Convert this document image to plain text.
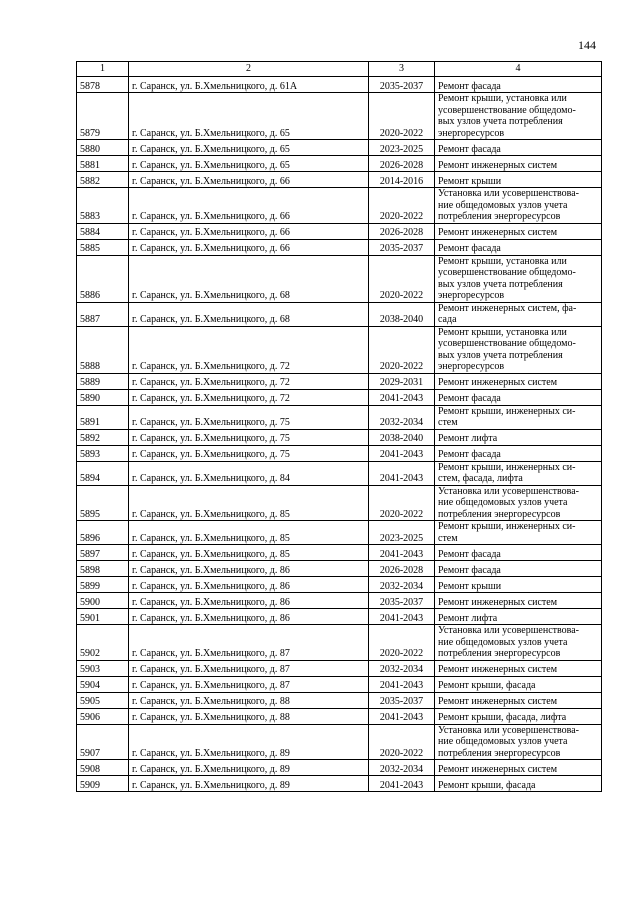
144
1	2	3	4
5878	г. Саранск, ул. Б.Хмельницкого, д. 61А	2035-2037	Ремонт фасада

5879	г. Саранск, ул. Б.Хмельницкого, д. 65	2020-2022	Ремонт крыши, установка или
усовершенствование общедомо-
вых узлов учета потребления
энергоресурсов

5880	г. Саранск, ул. Б.Хмельницкого, д. 65	2023-2025	Ремонт фасада

5881	г. Саранск, ул. Б.Хмельницкого, д. 65	2026-2028	Ремонт инженерных систем

5882	г. Саранск, ул. Б.Хмельницкого, д. 66	2014-2016	Ремонт крыши

5883	г. Саранск, ул. Б.Хмельницкого, д. 66	2020-2022	Установка или усовершенствова-
ние общедомовых узлов учета
потребления энергоресурсов

5884	г. Саранск, ул. Б.Хмельницкого, д. 66	2026-2028	Ремонт инженерных систем

5885	г. Саранск, ул. Б.Хмельницкого, д. 66	2035-2037	Ремонт фасада

5886	г. Саранск, ул. Б.Хмельницкого, д. 68	2020-2022	Ремонт крыши, установка или
усовершенствование общедомо-
вых узлов учета потребления
энергоресурсов

5887	г. Саранск, ул. Б.Хмельницкого, д. 68	2038-2040	Ремонт инженерных систем, фа-
сада

5888	г. Саранск, ул. Б.Хмельницкого, д. 72	2020-2022	Ремонт крыши, установка или
усовершенствование общедомо-
вых узлов учета потребления
энергоресурсов

5889	г. Саранск, ул. Б.Хмельницкого, д. 72	2029-2031	Ремонт инженерных систем

5890	г. Саранск, ул. Б.Хмельницкого, д. 72	2041-2043	Ремонт фасада

5891	г. Саранск, ул. Б.Хмельницкого, д. 75	2032-2034	Ремонт крыши, инженерных си-
стем

5892	г. Саранск, ул. Б.Хмельницкого, д. 75	2038-2040	Ремонт лифта

5893	г. Саранск, ул. Б.Хмельницкого, д. 75	2041-2043	Ремонт фасада

5894	г. Саранск, ул. Б.Хмельницкого, д. 84	2041-2043	Ремонт крыши, инженерных си-
стем, фасада, лифта

5895	г. Саранск, ул. Б.Хмельницкого, д. 85	2020-2022	Установка или усовершенствова-
ние общедомовых узлов учета
потребления энергоресурсов

5896	г. Саранск, ул. Б.Хмельницкого, д. 85	2023-2025	Ремонт крыши, инженерных си-
стем

5897	г. Саранск, ул. Б.Хмельницкого, д. 85	2041-2043	Ремонт фасада

5898	г. Саранск, ул. Б.Хмельницкого, д. 86	2026-2028	Ремонт фасада

5899	г. Саранск, ул. Б.Хмельницкого, д. 86	2032-2034	Ремонт крыши

5900	г. Саранск, ул. Б.Хмельницкого, д. 86	2035-2037	Ремонт инженерных систем

5901	г. Саранск, ул. Б.Хмельницкого, д. 86	2041-2043	Ремонт лифта

5902	г. Саранск, ул. Б.Хмельницкого, д. 87	2020-2022	Установка или усовершенствова-
ние общедомовых узлов учета
потребления энергоресурсов

5903	г. Саранск, ул. Б.Хмельницкого, д. 87	2032-2034	Ремонт инженерных систем

5904	г. Саранск, ул. Б.Хмельницкого, д. 87	2041-2043	Ремонт крыши, фасада

5905	г. Саранск, ул. Б.Хмельницкого, д. 88	2035-2037	Ремонт инженерных систем

5906	г. Саранск, ул. Б.Хмельницкого, д. 88	2041-2043	Ремонт крыши, фасада, лифта

5907	г. Саранск, ул. Б.Хмельницкого, д. 89	2020-2022	Установка или усовершенствова-
ние общедомовых узлов учета
потребления энергоресурсов

5908	г. Саранск, ул. Б.Хмельницкого, д. 89	2032-2034	Ремонт инженерных систем

5909	г. Саранск, ул. Б.Хмельницкого, д. 89	2041-2043	Ремонт крыши, фасада
